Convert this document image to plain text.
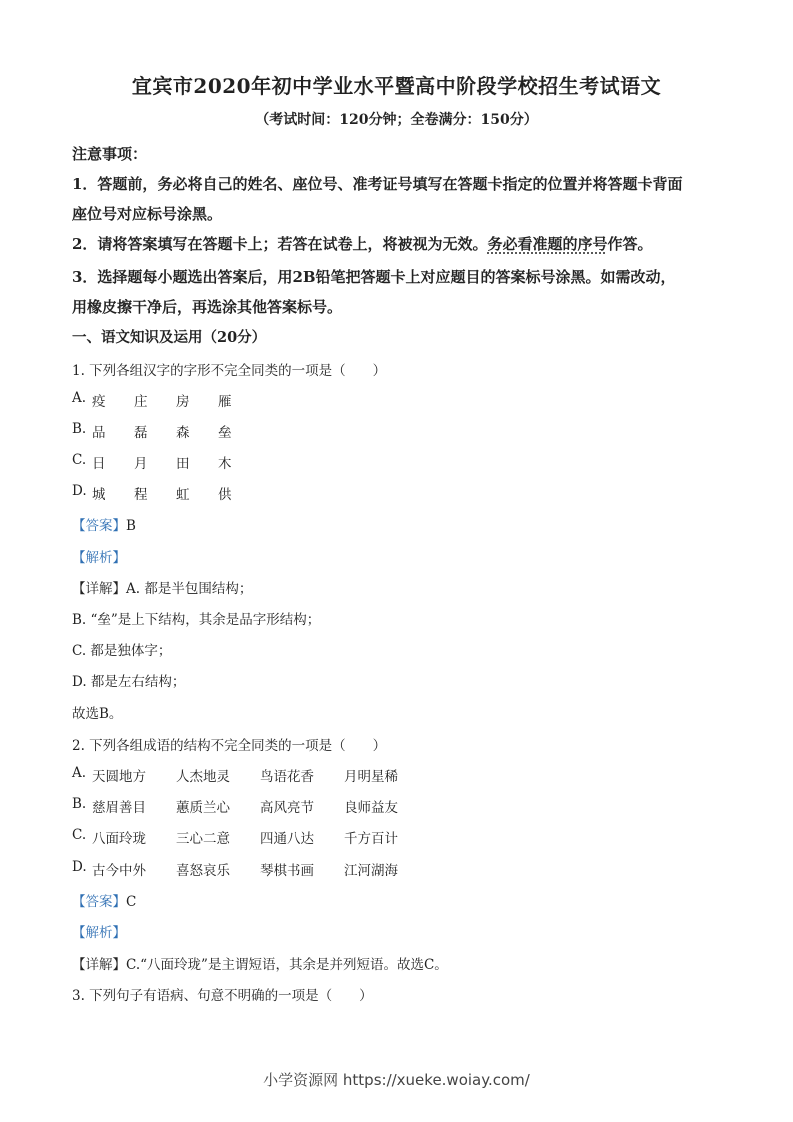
宜宾市2020年初中学业水平暨高中阶段学校招生考试语文
（考试时间：120分钟；全卷满分：150分）
注意事项：
1．答题前，务必将自己的姓名、座位号、准考证号填写在答题卡指定的位置并将答题卡背面
座位号对应标号涂黑。
2．请将答案填写在答题卡上；若答在试卷上，将被视为无效。务必看准题的序号作答。
3．选择题每小题选出答案后，用2B铅笔把答题卡上对应题目的答案标号涂黑。如需改动，
用橡皮擦干净后，再选涂其他答案标号。
一、语文知识及运用（20分）
1. 下列各组汉字的字形不完全同类的一项是（　　）
A. 疫	庄	房	雁
B. 品	磊	森	垒
C. 日	月	田	木
D. 城	程	虹	供
【答案】B
【解析】
【详解】A. 都是半包围结构；
B. “垒”是上下结构，其余是品字形结构；
C. 都是独体字；
D. 都是左右结构；
故选B。
2. 下列各组成语的结构不完全同类的一项是（　　）
A. 天圆地方	人杰地灵	鸟语花香	月明星稀
B. 慈眉善目	蕙质兰心	高风亮节	良师益友
C. 八面玲珑	三心二意	四通八达	千方百计
D. 古今中外	喜怒哀乐	琴棋书画	江河湖海
【答案】C
【解析】
【详解】C.“八面玲珑”是主谓短语，其余是并列短语。故选C。
3. 下列句子有语病、句意不明确的一项是（　　）
小学资源网 https://xueke.woiay.com/
